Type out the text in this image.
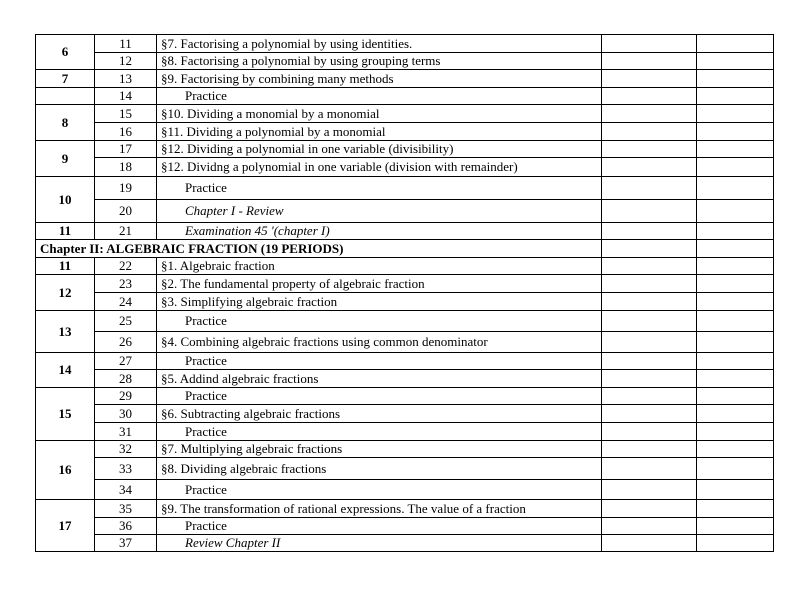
6	11	§7. Factorising a polynomial by using identities.		
	12	§8. Factorising a polynomial by using grouping terms		
7	13	§9. Factorising by combining many methods		
	14	Practice		
8	15	§10. Dividing a monomial by a monomial		
	16	§11. Dividing a polynomial by a monomial		
9	17	§12. Dividing a polynomial in one variable (divisibility)		
	18	§12. Dividng a polynomial in one variable (division with remainder)		
10	19	Practice		
	20	Chapter I - Review		
11	21	Examination 45 '(chapter I)		
Chapter II: ALGEBRAIC FRACTION (19 PERIODS)				
11	22	§1. Algebraic fraction		
12	23	§2. The fundamental property of algebraic fraction		
	24	§3. Simplifying algebraic fraction		
13	25	Practice		
	26	§4. Combining algebraic fractions using common denominator		
14	27	Practice		
	28	§5. Addind algebraic fractions		
15	29	Practice		
	30	§6. Subtracting algebraic fractions		
	31	Practice		
16	32	§7. Multiplying algebraic fractions		
	33	§8. Dividing algebraic fractions		
	34	Practice		
17	35	§9. The transformation of rational expressions. The value of a fraction		
	36	Practice		
	37	Review Chapter II		
